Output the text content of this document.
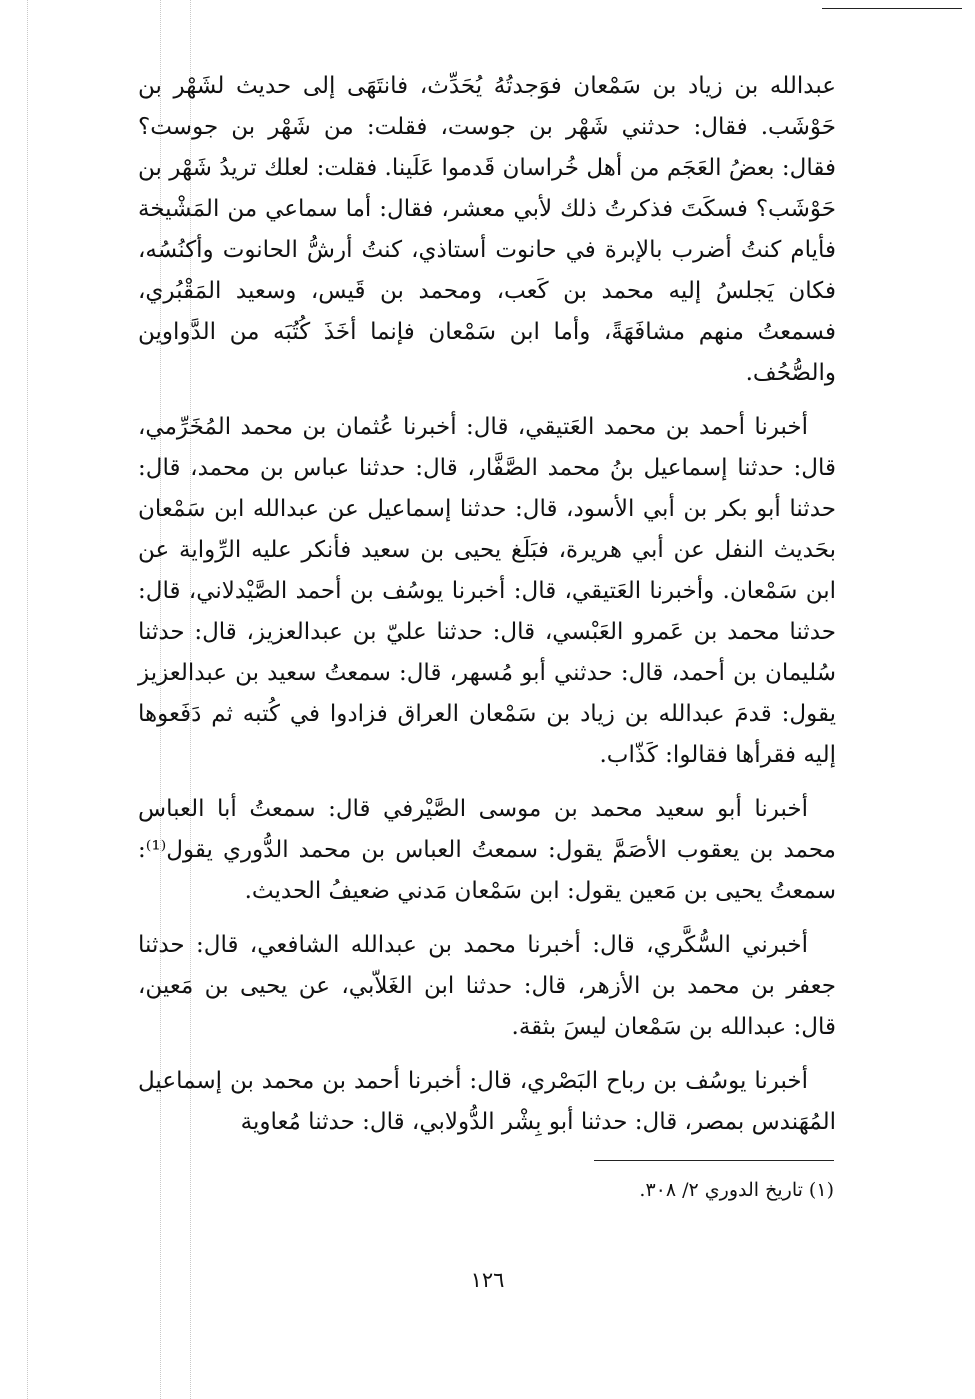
عبدالله بن زياد بن سَمْعان فوَجدتُهُ يُحَدِّث، فانتَهَى إلى حديث لشَهْر بن حَوْشَب. فقال: حدثني شَهْر بن جوست، فقلت: من شَهْر بن جوست؟ فقال: بعضُ العَجَم من أهل خُراسان قَدموا عَلَينا. فقلت: لعلك تريدُ شَهْر بن حَوْشَب؟ فسكَتَ فذكرتُ ذلك لأبي معشر، فقال: أما سماعي من المَشْيخة فأيام كنتُ أضرب بالإبرة في حانوت أستاذي، كنتُ أرشُّ الحانوت وأكنُسُه، فكان يَجلسُ إليه محمد بن كَعب، ومحمد بن قَيس، وسعيد المَقْبُري، فسمعتُ منهم مشافَهَةً، وأما ابن سَمْعان فإنما أخَذَ كُتُبَه من الدَّواوين والصُّحُف.

أخبرنا أحمد بن محمد العَتيقي، قال: أخبرنا عُثمان بن محمد المُخَرِّمي، قال: حدثنا إسماعيل بنُ محمد الصَّفَّار، قال: حدثنا عباس بن محمد، قال: حدثنا أبو بكر بن أبي الأسود، قال: حدثنا إسماعيل عن عبدالله ابن سَمْعان بحَديث النفل عن أبي هريرة، فبَلَغ يحيى بن سعيد فأنكر عليه الرِّواية عن ابن سَمْعان. وأخبرنا العَتيقي، قال: أخبرنا يوسُف بن أحمد الصَّيْدلاني، قال: حدثنا محمد بن عَمرو العَبْسي، قال: حدثنا عليّ بن عبدالعزيز، قال: حدثنا سُليمان بن أحمد، قال: حدثني أبو مُسهر، قال: سمعتُ سعيد بن عبدالعزيز يقول: قدمَ عبدالله بن زياد بن سَمْعان العراق فزادوا في كُتبه ثم دَفَعوها إليه فقرأها فقالوا: كَذّاب.

أخبرنا أبو سعيد محمد بن موسى الصَّيْرفي قال: سمعتُ أبا العباس محمد بن يعقوب الأصَمَّ يقول: سمعتُ العباس بن محمد الدُّوري يقول⁽¹⁾: سمعتُ يحيى بن مَعين يقول: ابن سَمْعان مَدني ضعيفُ الحديث.

أخبرني السُّكَّري، قال: أخبرنا محمد بن عبدالله الشافعي، قال: حدثنا جعفر بن محمد بن الأزهر، قال: حدثنا ابن الغَلاّبي، عن يحيى بن مَعين، قال: عبدالله بن سَمْعان ليسَ بثقة.

أخبرنا يوسُف بن رباح البَصْري، قال: أخبرنا أحمد بن محمد بن إسماعيل المُهَندس بمصر، قال: حدثنا أبو بِشْر الدُّولابي، قال: حدثنا مُعاوية

(١) تاريخ الدوري ٢/ ٣٠٨.
١٢٦
